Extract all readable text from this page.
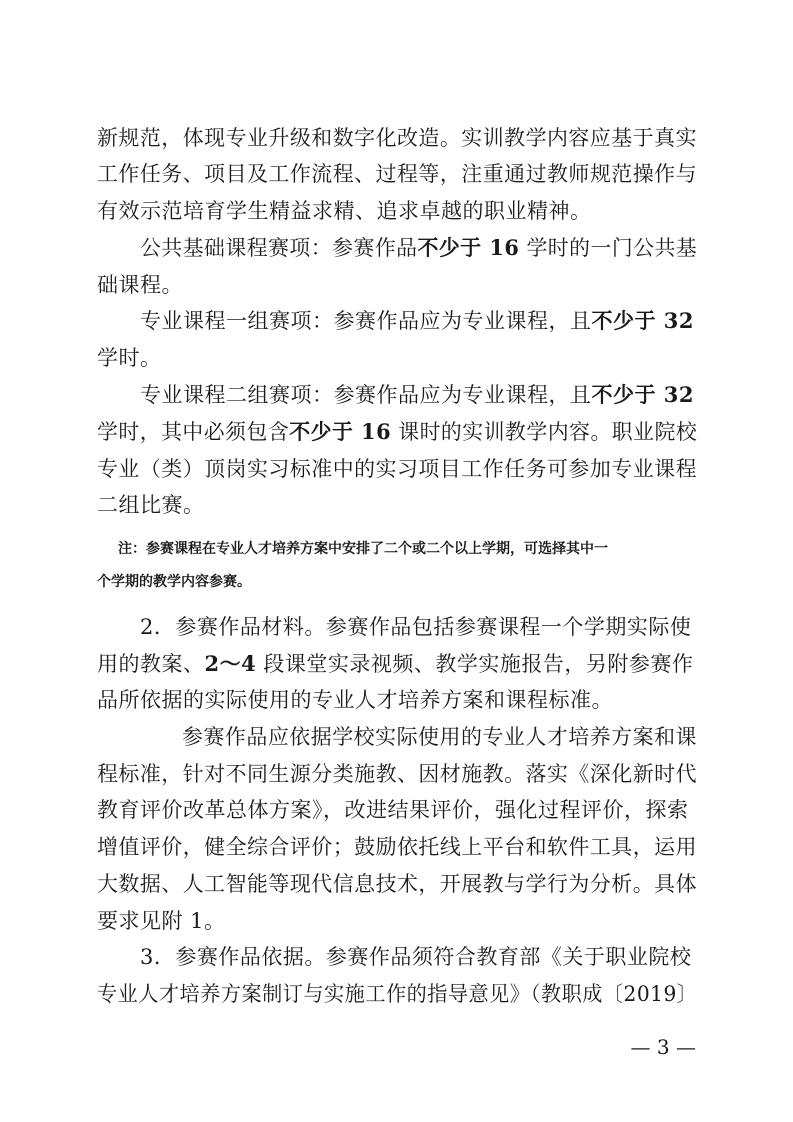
新规范，体现专业升级和数字化改造。实训教学内容应基于真实
工作任务、项目及工作流程、过程等，注重通过教师规范操作与
有效示范培育学生精益求精、追求卓越的职业精神。
公共基础课程赛项：参赛作品不少于 16 学时的一门公共基
础课程。
专业课程一组赛项：参赛作品应为专业课程，且不少于 32
学时。
专业课程二组赛项：参赛作品应为专业课程，且不少于 32
学时，其中必须包含不少于 16 课时的实训教学内容。职业院校
专业（类）顶岗实习标准中的实习项目工作任务可参加专业课程
二组比赛。
注：参赛课程在专业人才培养方案中安排了二个或二个以上学期，可选择其中一
个学期的教学内容参赛。
2．参赛作品材料。参赛作品包括参赛课程一个学期实际使
用的教案、2～4 段课堂实录视频、教学实施报告，另附参赛作
品所依据的实际使用的专业人才培养方案和课程标准。
参赛作品应依据学校实际使用的专业人才培养方案和课
程标准，针对不同生源分类施教、因材施教。落实《深化新时代
教育评价改革总体方案》，改进结果评价，强化过程评价，探索
增值评价，健全综合评价；鼓励依托线上平台和软件工具，运用
大数据、人工智能等现代信息技术，开展教与学行为分析。具体
要求见附 1。
3．参赛作品依据。参赛作品须符合教育部《关于职业院校
专业人才培养方案制订与实施工作的指导意见》（教职成〔2019〕
— 3 —
